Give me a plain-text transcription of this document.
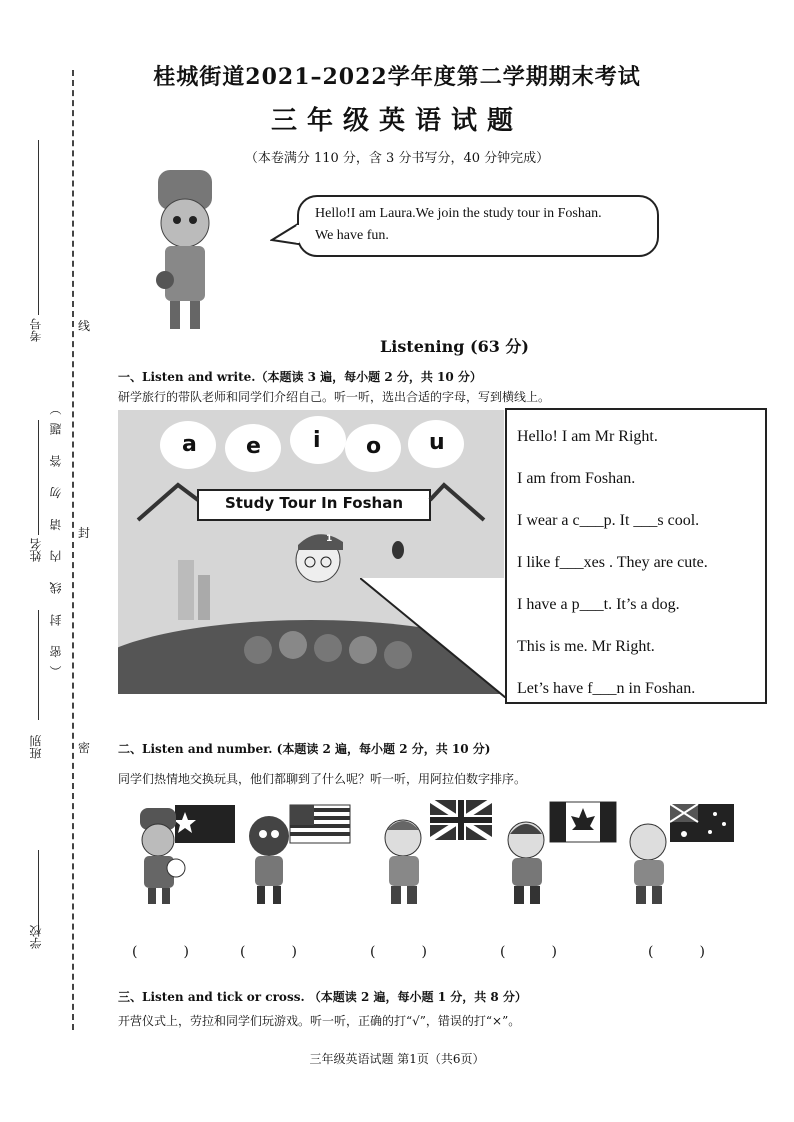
桂城街道2021–2022学年度第二学期期末考试
三年级英语试题
（本卷满分 110 分，含 3 分书写分，40 分钟完成）
考号
姓名
班别
学校
（密 封 线 内 请 勿 答 题）
线
封
密
Hello!I am Laura.We join the study tour in Foshan.
We have fun.
Listening (63 分)
一、Listen and write.（本题读 3 遍，每小题 2 分，共 10 分）
研学旅行的带队老师和同学们介绍自己。听一听，选出合适的字母，写到横线上。
a e i o u
Study Tour In Foshan
1
Hello! I am Mr Right.
I am from Foshan.
I wear a c___p. It ___s cool.
I like f___xes . They are cute.
I have a p___t. It’s a dog.
This is me. Mr Right.
Let’s have f___n in Foshan.
二、Listen and number. (本题读 2 遍，每小题 2 分，共 10 分)
同学们热情地交换玩具，他们都聊到了什么呢？听一听，用阿拉伯数字排序。
(	)	(	)	(	)	(	)	(	)
三、Listen and tick or cross. （本题读 2 遍，每小题 1 分，共 8 分）
开营仪式上，劳拉和同学们玩游戏。听一听，正确的打“√”，错误的打“×”。
三年级英语试题 第1页（共6页）
